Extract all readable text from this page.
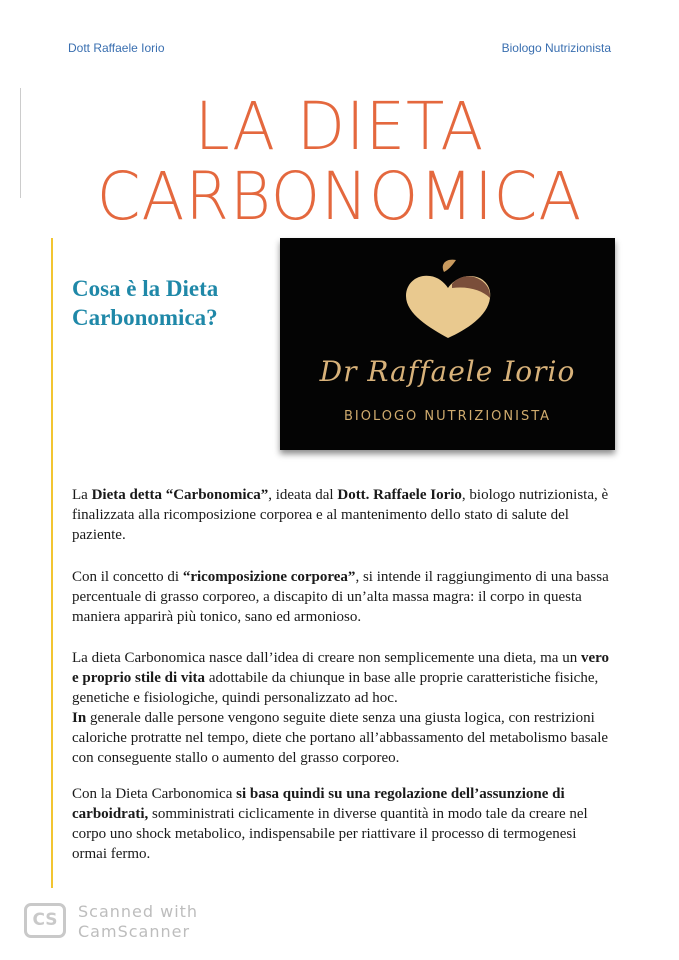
Dott Raffaele Iorio	Biologo Nutrizionista
LA DIETA
CARBONOMICA
Cosa è la Dieta Carbonomica?
Dr Raffaele Iorio
BIOLOGO NUTRIZIONISTA
La Dieta detta “Carbonomica”, ideata dal Dott. Raffaele Iorio, biologo nutrizionista, è finalizzata alla ricomposizione corporea e al mantenimento dello stato di salute del paziente.
Con il concetto di “ricomposizione corporea”, si intende il raggiungimento di una bassa percentuale di grasso corporeo, a discapito di un’alta massa magra: il corpo in questa maniera apparirà più tonico, sano ed armonioso.
La dieta Carbonomica nasce dall’idea di creare non semplicemente una dieta, ma un vero e proprio stile di vita adottabile da chiunque in base alle proprie caratteristiche fisiche, genetiche e fisiologiche, quindi personalizzato ad hoc.
In generale dalle persone vengono seguite diete senza una giusta logica, con restrizioni caloriche protratte nel tempo, diete che portano all’abbassamento del metabolismo basale con conseguente stallo o aumento del grasso corporeo.
Con la Dieta Carbonomica si basa quindi su una regolazione dell’assunzione di carboidrati, somministrati ciclicamente in diverse quantità in modo tale da creare nel corpo uno shock metabolico, indispensabile per riattivare il processo di termogenesi ormai fermo.
CS	Scanned with
CamScanner
